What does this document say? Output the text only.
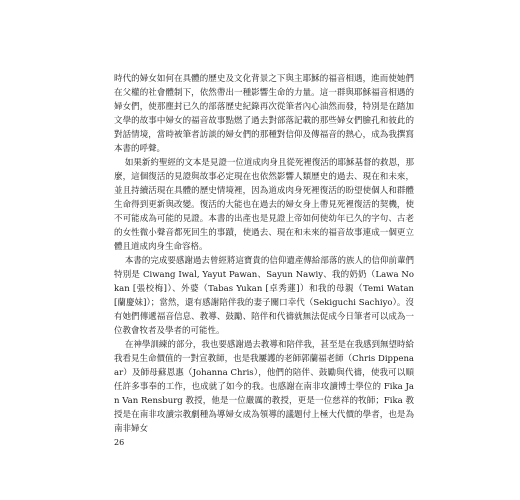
時代的婦女如何在具體的歷史及文化背景之下與主耶穌的福音相遇，進而使她們在父權的社會體制下，依然帶出一種影響生命的力量。這一群與耶穌福音相遇的婦女們，使那塵封已久的部落歷史紀錄再次從筆者內心油然而發，特別是在踏加文學的故事中婦女的福音故事點燃了過去對部落記載的那些婦女們臉孔和彼此的對話情境，當時被筆者訪談的婦女們的那種對信仰及傳福音的熱心，成為我撰寫本書的呼聲。

如果新約聖經的文本是見證一位道成肉身且從死裡復活的耶穌基督的救恩，那麼，這個復活的見證與故事必定現在也依然影響人類歷史的過去、現在和未來，並且持續活現在具體的歷史情境裡，因為道成肉身死裡復活的盼望使個人和群體生命得到更新與改變。復活的大能也在過去的婦女身上帶見死裡復活的契機，使不可能成為可能的見證。本書的出產也是見證上帝如何使幼年已久的字句、古老的女性微小聲音都死回生的事蹟，使過去、現在和未來的福音故事連成一個更立體且道成肉身生命容格。

本書的完成要感謝過去曾經將這寶貴的信仰遺產傳給部落的族人的信仰前輩們特別是 Ciwang Iwal, Yayut Pawan、Sayun Nawiy、我的奶奶（Lawa Nokan [張校梅]）、外婆（Tabas Yukan [卓秀蓮]）和我的母親（Temi Watan [蘭慶妹]）；當然，還有感謝陪伴我的妻子關口幸代（Sekiguchi Sachiyo）。沒有她們傳遞福音信息、教導、鼓勵、陪伴和代禱就無法促成今日筆者可以成為一位教會牧者及學者的可能性。

在神學訓練的部分，我也要感謝過去教導和陪伴我，甚至是在我感到無望時給我看見生命價值的一對宣教師，也是我屢護的老師郭蘭福老師（Chris Dippenaar）及師母蘇恩惠（Johanna Chris），他們的陪伴、鼓勵與代禱，使我可以順任許多事奉的工作，也成就了如今的我。也感謝在南非攻讀博士學位的 Fika Jan Van Rensburg 教授，他是一位嚴厲的教授，更是一位慈祥的牧師；Fika 教授是在南非攻讀宗教劇種為導婦女成為領導的議題付上極大代價的學者，也是為南非婦女

26
